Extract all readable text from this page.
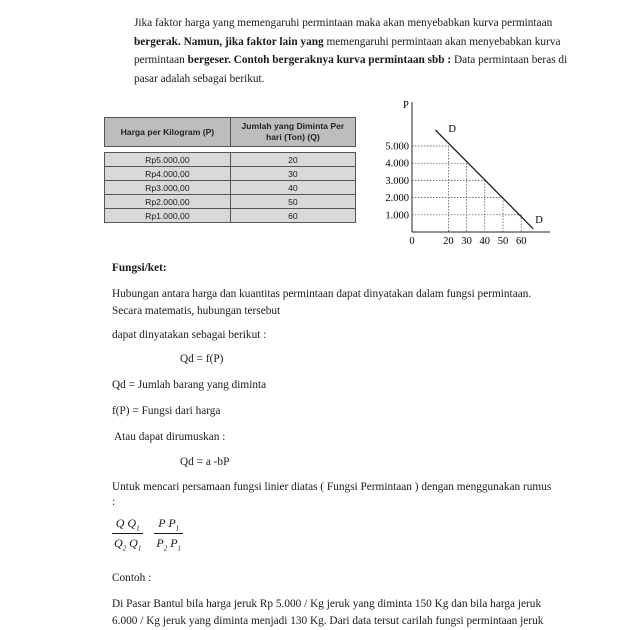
Jika faktor harga yang memengaruhi permintaan maka akan menyebabkan kurva permintaan bergerak. Namun, jika faktor lain yang memengaruhi permintaan akan menyebabkan kurva permintaan bergeser. Contoh bergeraknya kurva permintaan sbb : Data permintaan beras di pasar adalah sebagai berikut.
Harga per Kilogram (P)	Jumlah yang Diminta Per hari (Ton) (Q)

Rp5.000,00	20
Rp4.000,00	30
Rp3.000,00	40
Rp2.000,00	50
Rp1.000,00	60
P
D
D
5.000
4.000
3.000
2.000
1.000
0	20 30 40 50 60
Fungsi/ket:
Hubungan antara harga dan kuantitas permintaan dapat dinyatakan dalam fungsi permintaan. Secara matematis, hubungan tersebut
dapat dinyatakan sebagai berikut :
Qd = f(P)
Qd = Jumlah barang yang diminta
f(P) = Fungsi dari harga
Atau dapat dirumuskan :
Qd = a -bP
Untuk mencari persamaan fungsi linier diatas ( Fungsi Permintaan ) dengan menggunakan rumus
:
$\frac{Q Q_1}{Q_2 Q_1}$
$\frac{P P_1}{P_2 P_1}$
Contoh :
Di Pasar Bantul bila harga jeruk Rp 5.000 / Kg jeruk yang diminta 150 Kg dan bila harga jeruk 6.000 / Kg jeruk yang diminta menjadi 130 Kg. Dari data tersut carilah fungsi permintaan jeruk
